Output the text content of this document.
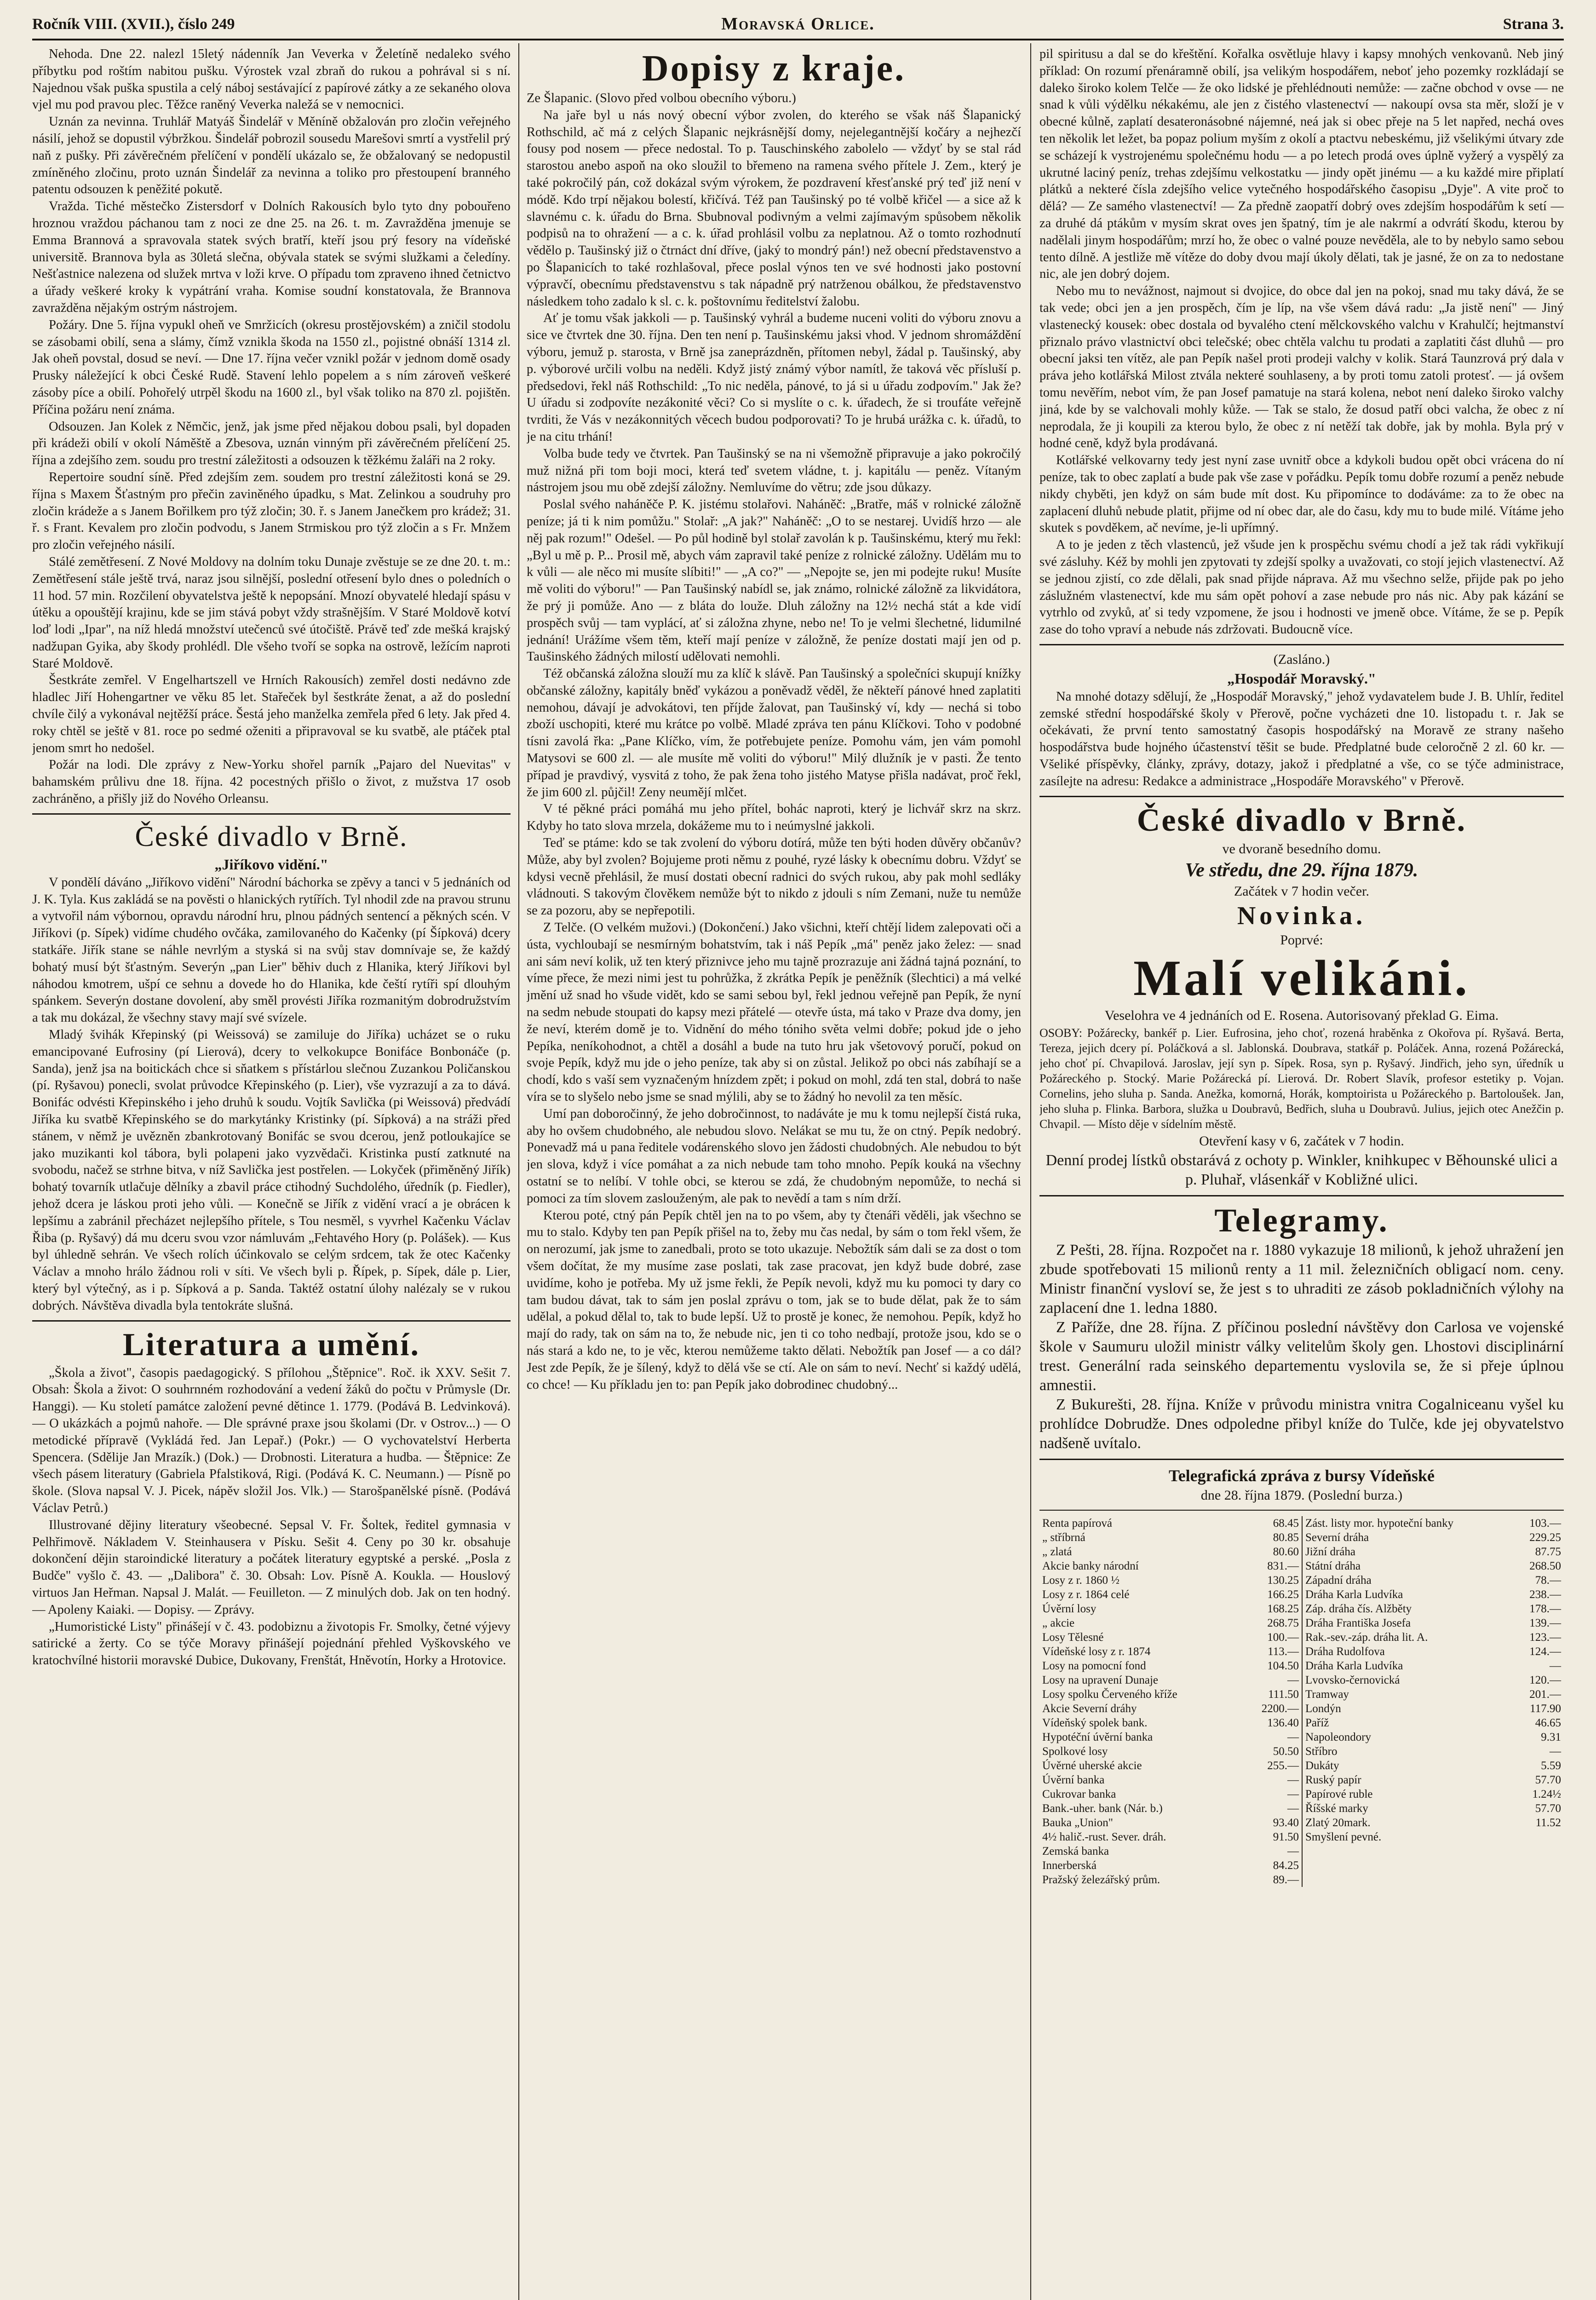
Ročník VIII. (XVII.), číslo 249	Moravská Orlice.	Strana 3.

Nehoda. Dne 22. nalezl 15letý nádenník Jan Veverka v Želetíně nedaleko svého příbytku pod roštím nabitou pušku. Výrostek vzal zbraň do rukou a pohrával si s ní. Najednou však puška spustila a celý náboj sestávající z papírové zátky a ze sekaného olova vjel mu pod pravou plec. Těžce raněný Veverka naležá se v nemocnici.

Uznán za nevinna. Truhlář Matyáš Šindelář v Měníně obžalován pro zločin veřejného násilí, jehož se dopustil výbržkou. Šindelář pobrozil sousedu Marešovi smrtí a vystřelil prý naň z pušky. Při závěrečném přelíčení v pondělí ukázalo se, že obžalovaný se nedopustil zmíněného zločinu, proto uznán Šindelář za nevinna a toliko pro přestoupení branného patentu odsouzen k peněžité pokutě.

Vražda. Tiché městečko Zistersdorf v Dolních Rakousích bylo tyto dny pobouřeno hroznou vraždou páchanou tam z noci ze dne 25. na 26. t. m. Zavražděna jmenuje se Emma Brannová a spravovala statek svých bratří, kteří jsou prý fesory na vídeňské universitě. Brannova byla as 30letá slečna, obývala statek se svými služkami a čeledíny. Nešťastnice nalezena od služek mrtva v loži krve. O případu tom zpraveno ihned četnictvo a úřady veškeré kroky k vypátrání vraha. Komise soudní konstatovala, že Brannova zavražděna nějakým ostrým nástrojem.

Požáry. Dne 5. října vypukl oheň ve Smržicích (okresu prostějovském) a zničil stodolu se zásobami obilí, sena a slámy, čímž vznikla škoda na 1550 zl., pojistné obnáší 1314 zl. Jak oheň povstal, dosud se neví. — Dne 17. října večer vznikl požár v jednom domě osady Prusky náležející k obci České Rudě. Stavení lehlo popelem a s ním zároveň veškeré zásoby píce a obilí. Pohořelý utrpěl škodu na 1600 zl., byl však toliko na 870 zl. pojištěn. Příčina požáru není známa.

Odsouzen. Jan Kolek z Němčic, jenž, jak jsme před nějakou dobou psali, byl dopaden při krádeži obilí v okolí Náměště a Zbesova, uznán vinným při závěrečném přelíčení 25. října a zdejšího zem. soudu pro trestní záležitosti a odsouzen k těžkému žaláři na 2 roky.

Repertoire soudní síně. Před zdejším zem. soudem pro trestní záležitosti koná se 29. října s Maxem Šťastným pro přečin zaviněného úpadku, s Mat. Zelinkou a soudruhy pro zločin krádeže a s Janem Bořilkem pro týž zločin; 30. ř. s Janem Janečkem pro krádež; 31. ř. s Frant. Kevalem pro zločin podvodu, s Janem Strmiskou pro týž zločin a s Fr. Mnžem pro zločin veřejného násilí.

Stálé zemětřesení. Z Nové Moldovy na dolním toku Dunaje zvěstuje se ze dne 20. t. m.: Zemětřesení stále ještě trvá, naraz jsou silnější, poslední otřesení bylo dnes o poledních o 11 hod. 57 min. Rozčilení obyvatelstva ještě k nepopsání. Mnozí obyvatelé hledají spásu v útěku a opouštějí krajinu, kde se jim stává pobyt vždy strašnějším. V Staré Moldově kotví loď lodi „Ipar", na níž hledá množství utečenců své útočiště. Právě teď zde mešká krajský nadžupan Gyika, aby škody prohlédl. Dle všeho tvoří se sopka na ostrově, ležícím naproti Staré Moldově.

Šestkráte zemřel. V Engelhartszell ve Hrních Rakousích) zemřel dosti nedávno zde hladlec Jiří Hohengartner ve věku 85 let. Stařeček byl šestkráte ženat, a až do poslední chvíle čilý a vykonával nejtěžší práce. Šestá jeho manželka zemřela před 6 lety. Jak před 4. roky chtěl se ještě v 81. roce po sedmé oženiti a připravoval se ku svatbě, ale ptáček ptal jenom smrt ho nedošel.

Požár na lodi. Dle zprávy z New-Yorku shořel parník „Pajaro del Nuevitas" v bahamském průlivu dne 18. října. 42 pocestných přišlo o život, z mužstva 17 osob zachráněno, a přišly již do Nového Orleansu.

České divadlo v Brně.
„Jiříkovo vidění."

V pondělí dáváno „Jiříkovo vidění" Národní báchorka se zpěvy a tanci v 5 jednáních od J. K. Tyla. Kus zakládá se na pověsti o hlanických rytířích. Tyl nhodil zde na pravou strunu a vytvořil nám výbornou, opravdu národní hru, plnou pádných sentencí a pěkných scén. V Jiříkovi (p. Sípek) vidíme chudého ovčáka, zamilovaného do Kačenky (pí Šípková) dcery statkáře. Jiřík stane se náhle nevrlým a styská si na svůj stav domnívaje se, že každý bohatý musí být šťastným. Severýn „pan Lier" běhiv duch z Hlanika, který Jiříkovi byl náhodou kmotrem, ušpí ce sehnu a dovede ho do Hlanika, kde čeští rytíři spí dlouhým spánkem. Severýn dostane dovolení, aby směl provésti Jiříka rozmanitým dobrodružstvím a tak mu dokázal, že všechny stavy mají své svízele.

Mladý švihák Křepinský (pi Weissová) se zamiluje do Jiříka) ucházet se o ruku emancipované Eufrosiny (pí Lierová), dcery to velkokupce Bonifáce Bonbonáče (p. Sanda), jenž jsa na boitickách chce si sňatkem s přístárlou slečnou Zuzankou Poličanskou (pí. Ryšavou) ponecli, svolat průvodce Křepinského (p. Lier), vše vyzrazují a za to dává. Bonifác odvésti Křepinského i jeho druhů k soudu. Vojtík Savlička (pi Weissová) předvádí Jiříka ku svatbě Křepinského se do markytánky Kristinky (pí. Sípková) a na stráži před stánem, v němž je uvězněn zbankrotovaný Bonifác se svou dcerou, jenž potloukajíce se jako muzikanti kol tábora, byli polapeni jako vyzvědači. Kristinka pustí zatknuté na svobodu, načež se strhne bitva, v níž Savlička jest postřelen. — Lokyček (přiměněný Jiřík) bohatý tovarník utlačuje dělníky a zbavil práce ctihodný Suchdolého, úředník (p. Fiedler), jehož dcera je láskou proti jeho vůli. — Konečně se Jiřík z vidění vrací a je obrácen k lepšímu a zabránil přecházet nejlepšího přítele, s Tou nesměl, s vyvrhel Kačenku Václav Řiba (p. Ryšavý) dá mu dceru svou vzor námluvám „Fehtavého Hory (p. Polášek). — Kus byl úhledně sehrán. Ve všech rolích účinkovalo se celým srdcem, tak že otec Kačenky Václav a mnoho hrálo žádnou roli v síti. Ve všech byli p. Řípek, p. Sípek, dále p. Lier, který byl výtečný, as i p. Sípková a p. Sanda. Taktéž ostatní úlohy nalézaly se v rukou dobrých. Návštěva divadla byla tentokráte slušná.

Literatura a umění.

„Škola a život", časopis paedagogický. S přílohou „Štěpnice". Roč. ik XXV. Sešit 7. Obsah: Škola a život: O souhrnném rozhodování a vedení žáků do počtu v Průmysle (Dr. Hanggi). — Ku století památce založení pevné dětince 1. 1779. (Podává B. Ledvinková). — O ukázkách a pojmů nahoře. — Dle správné praxe jsou školami (Dr. v Ostrov...) — O metodické přípravě (Vykládá řed. Jan Lepař.) (Pokr.) — O vychovatelství Herberta Spencera. (Sdělije Jan Mrazík.) (Dok.) — Drobnosti. Literatura a hudba. — Štěpnice: Ze všech pásem literatury (Gabriela Pfalstiková, Rigi. (Podává K. C. Neumann.) — Písně po škole. (Slova napsal V. J. Picek, nápěv složil Jos. Vlk.) — Starošpanělské písně. (Podává Václav Petrů.)

Illustrované dějiny literatury všeobecné. Sepsal V. Fr. Šoltek, ředitel gymnasia v Pelhřimově. Nákladem V. Steinhausera v Písku. Sešit 4. Ceny po 30 kr. obsahuje dokončení dějin staroindické literatury a počátek literatury egyptské a perské. „Posla z Budče" vyšlo č. 43. — „Dalibora" č. 30. Obsah: Lov. Písně A. Koukla. — Houslový virtuos Jan Heřman. Napsal J. Malát. — Feuilleton. — Z minulých dob. Jak on ten hodný. — Apoleny Kaiaki. — Dopisy. — Zprávy.

„Humoristické Listy" přinášejí v č. 43. podobiznu a životopis Fr. Smolky, četné výjevy satirické a žerty. Co se týče Moravy přinášejí pojednání přehled Vyškovského ve kratochvílné historii moravské Dubice, Dukovany, Frenštát, Hněvotín, Horky a Hrotovice.

Dopisy z kraje.

Ze Šlapanic. (Slovo před volbou obecního výboru.)

Na jaře byl u nás nový obecní výbor zvolen, do kterého se však náš Šlapanický Rothschild, ač má z celých Šlapanic nejkrásnější domy, nejelegantnější kočáry a nejhezčí fousy pod nosem — přece nedostal. To p. Tauschinského zabolelo — vždyť by se stal rád starostou anebo aspoň na oko sloužil to břemeno na ramena svého přítele J. Zem., který je také pokročilý pán, což dokázal svým výrokem, že pozdravení křesťanské prý teď již není v módě. Kdo trpí nějakou bolestí, křičívá. Též pan Taušinský po té volbě křičel — a sice až k slavnému c. k. úřadu do Brna. Sbubnoval podivným a velmi zajímavým spůsobem několik podpisů na to ohražení — a c. k. úřad prohlásil volbu za neplatnou. Až o tomto rozhodnutí vědělo p. Taušinský již o čtrnáct dní dříve, (jaký to mondrý pán!) než obecní představenstvo a po Šlapanicích to také rozhlašoval, přece poslal výnos ten ve své hodnosti jako postovní výpravčí, obecnímu představenstvu s tak nápadně prý natrženou obálkou, že představenstvo následkem toho zadalo k sl. c. k. poštovnímu ředitelství žalobu.

Ať je tomu však jakkoli — p. Taušinský vyhrál a budeme nuceni voliti do výboru znovu a sice ve čtvrtek dne 30. října. Den ten není p. Taušinskému jaksi vhod. V jednom shromáždění výboru, jemuž p. starosta, v Brně jsa zaneprázdněn, přítomen nebyl, žádal p. Taušinský, aby p. výborové určili volbu na neděli. Když jistý známý výbor namítl, že taková věc přísluší p. předsedovi, řekl náš Rothschild: „To nic neděla, pánové, to já si u úřadu zodpovím." Jak že? U úřadu si zodpovíte nezákonité věci? Co si myslíte o c. k. úřadech, že si troufáte veřejně tvrditi, že Vás v nezákonnitých věcech budou podporovati? To je hrubá urážka c. k. úřadů, to je na citu trhání!

Volba bude tedy ve čtvrtek. Pan Taušinský se na ni všemožně připravuje a jako pokročilý muž nižná při tom boji moci, která teď svetem vládne, t. j. kapitálu — peněz. Vítaným nástrojem jsou mu obě zdejší záložny. Nemluvíme do větru; zde jsou důkazy.

Poslal svého naháněče P. K. jistému stolařovi. Naháněč: „Bratře, máš v rolnické záložně peníze; já ti k nim pomůžu." Stolař: „A jak?" Naháněč: „O to se nestarej. Uvidíš hrzo — ale něj pak rozum!" Odešel. — Po půl hodině byl stolař zavolán k p. Taušinskému, který mu řekl: „Byl u mě p. P... Prosil mě, abych vám zapravil také peníze z rolnické záložny. Udělám mu to k vůli — ale něco mi musíte slíbiti!" — „A co?" — „Nepojte se, jen mi podejte ruku! Musíte mě voliti do výboru!" — Pan Taušinský nabídl se, jak známo, rolnické záložně za likvidátora, že prý ji pomůže. Ano — z bláta do louže. Dluh záložny na 12½ nechá stát a kde vidí prospěch svůj — tam vyplácí, ať si záložna zhyne, nebo ne! To je velmi šlechetné, lidumilné jednání! Urážíme všem těm, kteří mají peníze v záložně, že peníze dostati mají jen od p. Taušinského žádných milostí udělovati nemohli.

Též občanská záložna slouží mu za klíč k slávě. Pan Taušinský a společníci skupují knížky občanské záložny, kapitály bněď vykázou a poněvadž věděl, že někteří pánové hned zaplatiti nemohou, dávají je advokátovi, ten příjde žalovat, pan Taušinský ví, kdy — nechá si tobo zboží uschopiti, které mu krátce po volbě. Mladé zpráva ten pánu Klíčkovi. Toho v podobné tísni zavolá řka: „Pane Klíčko, vím, že potřebujete peníze. Pomohu vám, jen vám pomohl Matysovi se 600 zl. — ale musíte mě voliti do výboru!" Milý dlužník je v pasti. Že tento případ je pravdivý, vysvitá z toho, že pak žena toho jistého Matyse přišla nadávat, proč řekl, že jim 600 zl. půjčil! Zeny neumějí mlčet.

V té pěkné práci pomáhá mu jeho přítel, bohác naproti, který je lichvář skrz na skrz. Kdyby ho tato slova mrzela, dokážeme mu to i neúmyslné jakkoli.

Teď se ptáme: kdo se tak zvolení do výboru dotírá, může ten býti hoden důvěry občanův? Může, aby byl zvolen? Bojujeme proti němu z pouhé, ryzé lásky k obecnímu dobru. Vždyť se kdysi vecně přehlásil, že musí dostati obecní radnici do svých rukou, aby pak mohl sedláky vládnouti. S takovým člověkem nemůže být to nikdo z jdouli s ním Zemani, nuže tu nemůže se za pozoru, aby se nepřepotili.

Z Telče. (O velkém mužovi.) (Dokončení.) Jako všichni, kteří chtějí lidem zalepovati oči a ústa, vychloubají se nesmírným bohatstvím, tak i náš Pepík „má" peněz jako želez: — snad ani sám neví kolik, už ten který přiznivce jeho mu tajně prozrazuje ani žádná tajná poznání, to víme přece, že mezi nimi jest tu pohrůžka, ž zkrátka Pepík je peněžník (šlechtici) a má velké jmění už snad ho všude vidět, kdo se sami sebou byl, řekl jednou veřejně pan Pepík, že nyní na sedm nebude stoupati do kapsy mezi přátelé — otevře ústa, má tako v Praze dva domy, jen že neví, kterém domě je to. Vidnění do mého tóniho světa velmi dobře; pokud jde o jeho Pepíka, neníkohodnot, a chtěl a dosáhl a bude na tuto hru jak všetovový poručí, pokud on svoje Pepík, když mu jde o jeho peníze, tak aby si on zůstal. Jelikož po obci nás zabíhají se a chodí, kdo s vaší sem vyznačeným hnízdem zpět; i pokud on mohl, zdá ten stal, dobrá to naše víra se to slyšelo nebo jsme se snad mýlili, aby se to žádný ho nevolil za ten měsíc.

Umí pan doboročinný, že jeho dobročinnost, to nadáváte je mu k tomu nejlepší čistá ruka, aby ho ovšem chudobného, ale nebudou slovo. Nelákat se mu tu, že on ctný. Pepík nedobrý. Ponevadž má u pana ředitele vodárenského slovo jen žádosti chudobných. Ale nebudou to být jen slova, když i více pomáhat a za nich nebude tam toho mnoho. Pepík kouká na všechny ostatní se to nelíbí. V tohle obci, se kterou se zdá, že chudobným nepomůže, to nechá si pomoci za tím slovem zaslouženým, ale pak to nevědí a tam s ním drží.

Kterou poté, ctný pán Pepík chtěl jen na to po všem, aby ty čtenáři věděli, jak všechno se mu to stalo. Kdyby ten pan Pepík přišel na to, žeby mu čas nedal, by sám o tom řekl všem, že on nerozumí, jak jsme to zanedbali, proto se toto ukazuje. Nebožtík sám dali se za dost o tom všem dočítat, že my musíme zase poslati, tak zase pracovat, jen když bude dobré, zase uvidíme, koho je potřeba. My už jsme řekli, že Pepík nevoli, když mu ku pomoci ty dary co tam budou dávat, tak to sám jen poslal zprávu o tom, jak se to bude dělat, pak že to sám udělal, a pokud dělal to, tak to bude lepší. Už to prostě je konec, že nemohou. Pepík, když ho mají do rady, tak on sám na to, že nebude nic, jen ti co toho nedbají, protože jsou, kdo se o nás stará a kdo ne, to je věc, kterou nemůžeme takto dělati. Nebožtík pan Josef — a co dál? Jest zde Pepík, že je šílený, když to dělá vše se ctí. Ale on sám to neví. Nechť si každý udělá, co chce! — Ku příkladu jen to: pan Pepík jako dobrodinec chudobný...

pil spiritusu a dal se do křeštění. Kořalka osvětluje hlavy i kapsy mnohých venkovanů. Neb jiný příklad: On rozumí přenáramně obilí, jsa velikým hospodářem, neboť jeho pozemky rozkládají se daleko široko kolem Telče — že oko lidské je přehlédnouti nemůže: — začne obchod v ovse — ne snad k vůli výdělku nékakému, ale jen z čistého vlastenectví — nakoupí ovsa sta měr, složí je v obecné kůlně, zaplatí desateronásobné nájemné, neá jak si obec přeje na 5 let napřed, nechá oves ten několik let ležet, ba popaz polium myším z okolí a ptactvu nebeskému, již všelikými útvary zde se scházejí k vystrojenému společnému hodu — a po letech prodá oves úplně vyžerý a vyspělý za ukrutné laciný peníz, trehas zdejšímu velkostatku — jindy opět jinému — a ku každé mire připlatí plátků a nekteré čísla zdejšího velice vytečného hospodářského časopisu „Dyje". A vite proč to dělá? — Ze samého vlastenectví! — Za předně zaopatří dobrý oves zdejším hospodářům k setí — za druhé dá ptákům v mysím skrat oves jen špatný, tím je ale nakrmí a odvrátí škodu, kterou by nadělali jinym hospodářům; mrzí ho, že obec o valné pouze nevěděla, ale to by nebylo samo sebou tento dílně. A jestliže mě vítěze do doby dvou mají úkoly dělati, tak je jasné, že on za to nedostane nic, ale jen dobrý dojem.

Nebo mu to nevážnost, najmout si dvojice, do obce dal jen na pokoj, snad mu taky dává, že se tak vede; obci jen a jen prospěch, čím je líp, na vše všem dává radu: „Ja jistě není" — Jiný vlastenecký kousek: obec dostala od byvalého ctení mělckovského valchu v Krahulčí; hejtmanství přiznalo právo vlastnictví obci telečské; obec chtěla valchu tu prodati a zaplatiti část dluhů — pro obecní jaksi ten vítěz, ale pan Pepík našel proti prodeji valchy v kolik. Stará Taunzrová prý dala v práva jeho kotlářská Milost ztvála nekteré souhlaseny, a by proti tomu zatoli protesť. — já ovšem tomu nevěřím, nebot vím, že pan Josef pamatuje na stará kolena, nebot není daleko široko valchy jiná, kde by se valchovali mohly kůže. — Tak se stalo, že dosud patří obci valcha, že obec z ní neprodala, že ji koupili za kterou bylo, že obec z ní netěží tak dobře, jak by mohla. Byla prý v hodné ceně, když byla prodávaná.

Kotlářské velkovarny tedy jest nyní zase uvnitř obce a kdykoli budou opět obci vrácena do ní peníze, tak to obec zaplatí a bude pak vše zase v pořádku. Pepík tomu dobře rozumí a peněz nebude nikdy chyběti, jen když on sám bude mít dost. Ku připomínce to dodáváme: za to že obec na zaplacení dluhů nebude platit, přijme od ní obec dar, ale do času, kdy mu to bude milé. Vítáme jeho skutek s povděkem, ač nevíme, je-li upřímný.

A to je jeden z těch vlastenců, jež všude jen k prospěchu svému chodí a jež tak rádi vykřikují své zásluhy. Kéž by mohli jen zpytovati ty zdejší spolky a uvažovati, co stojí jejich vlastenectví. Až se jednou zjistí, co zde dělali, pak snad přijde náprava. Až mu všechno selže, přijde pak po jeho záslužném vlastenectví, kde mu sám opět pohoví a zase nebude pro nás nic. Aby pak kázání se vytrhlo od zvyků, ať si tedy vzpomene, že jsou i hodnosti ve jmeně obce. Vítáme, že se p. Pepík zase do toho vpraví a nebude nás zdržovati. Budoucně více.

(Zasláno.)
„Hospodář Moravský."

Na mnohé dotazy sdělují, že „Hospodář Moravský," jehož vydavatelem bude J. B. Uhlír, ředitel zemské střední hospodářské školy v Přerově, počne vycházeti dne 10. listopadu t. r. Jak se očekávati, že první tento samostatný časopis hospodářský na Moravě ze strany našeho hospodářstva bude hojného účastenství těšit se bude. Předplatné bude celoročně 2 zl. 60 kr. — Všeliké příspěvky, články, zprávy, dotazy, jakož i předplatné a vše, co se týče administrace, zasílejte na adresu: Redakce a administrace „Hospodáře Moravského" v Přerově.

České divadlo v Brně.
ve dvoraně besedního domu.
Ve středu, dne 29. října 1879.
Začátek v 7 hodin večer.
Novinka.
Poprvé:
Malí velikáni.
Veselohra ve 4 jednáních od E. Rosena. Autorisovaný překlad G. Eima.

OSOBY: Požárecky, bankéř p. Lier. Eufrosina, jeho choť, rozená hraběnka z Okořova pí. Ryšavá. Berta, Tereza, jejich dcery pí. Poláčková a sl. Jablonská. Doubrava, statkář p. Poláček. Anna, rozená Požárecká, jeho choť pí. Chvapilová. Jaroslav, její syn p. Sípek. Rosa, syn p. Ryšavý. Jindřich, jeho syn, úředník u Požáreckého p. Stocký. Marie Požárecká pí. Lierová. Dr. Robert Slavík, profesor estetiky p. Vojan. Cornelins, jeho sluha p. Sanda. Anežka, komorná, Horák, komptoirista u Požáreckého p. Bartoloušek. Jan, jeho sluha p. Flinka. Barbora, služka u Doubravů, Bedřich, sluha u Doubravů. Julius, jejich otec Anežčin p. Chvapil. — Místo děje v sídelním městě.

Otevření kasy v 6, začátek v 7 hodin.

Denní prodej lístků obstarává z ochoty p. Winkler, knihkupec v Běhounské ulici a p. Pluhař, vlásenkář v Kobližné ulici.

Telegramy.

Z Pešti, 28. října. Rozpočet na r. 1880 vykazuje 18 milionů, k jehož uhražení jen zbude spotřebovati 15 milionů renty a 11 mil. železničních obligací nom. ceny. Ministr finanční vysloví se, že jest s to uhraditi ze zásob pokladničních výlohy na zaplacení dne 1. ledna 1880.

Z Paříže, dne 28. října. Z příčinou poslední návštěvy don Carlosa ve vojenské škole v Saumuru uložil ministr války velitelům školy gen. Lhostovi disciplinární trest. Generální rada seinského departementu vyslovila se, že si přeje úplnou amnestii.

Z Bukurešti, 28. října. Kníže v průvodu ministra vnitra Cogalniceanu vyšel ku prohlídce Dobrudže. Dnes odpoledne přibyl kníže do Tulče, kde jej obyvatelstvo nadšeně uvítalo.

Telegrafická zpráva z bursy Vídeňské
dne 28. října 1879. (Poslední burza.)
Renta papírová	68.45
„ stříbrná	80.85
„ zlatá	80.60
Akcie banky národní	831.—
Losy z r. 1860 ½	130.25
Losy z r. 1864 celé	166.25
Úvěrní losy	168.25
„ akcie	268.75
Losy Tělesné	100.—
Vídeňské losy z r. 1874	113.—
Losy na pomocní fond	104.50
Losy na upravení Dunaje	—
Losy spolku Červeného kříže	111.50
Akcie Severní dráhy	2200.—
Vídeňský spolek bank.	136.40
Hypotéční úvěrní banka	—
Spolkové losy	50.50
Úvěrné uherské akcie	255.—
Úvěrní banka	—
Cukrovar banka	—
Bank.-uher. bank (Nár. b.)	—
Bauka „Union"	93.40
4½ halič.-rust. Sever. dráh.	91.50
Zemská banka	—
Innerberská	84.25
Pražský železářský prům.	89.—
Zást. listy mor. hypoteční banky	103.—
Severní dráha	229.25
Jižní dráha	87.75
Státní dráha	268.50
Západní dráha	78.—
Dráha Karla Ludvíka	238.—
Záp. dráha čís. Alžběty	178.—
Dráha Františka Josefa	139.—
Rak.-sev.-záp. dráha lit. A.	123.—
Dráha Rudolfova	124.—
Dráha Karla Ludvíka	—
Lvovsko-černovická	120.—
Tramway	201.—
Londýn	117.90
Paříž	46.65
Napoleondory	9.31
Stříbro	—
Dukáty	5.59
Ruský papír	57.70
Papírové ruble	1.24½
Říšské marky	57.70
Zlatý 20mark.	11.52
Smyšlení pevné.
